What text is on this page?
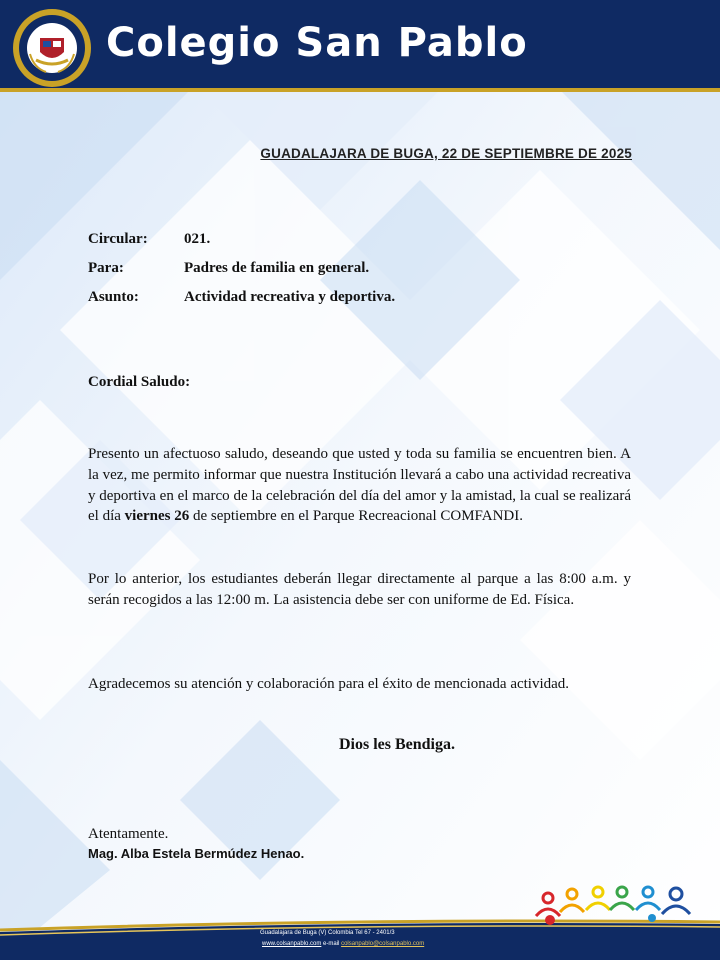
Colegio San Pablo
GUADALAJARA DE BUGA, 22 DE SEPTIEMBRE DE 2025
Circular: 021.
Para:	Padres de familia en general.
Asunto:	Actividad recreativa y deportiva.
Cordial Saludo:
Presento un afectuoso saludo, deseando que usted y toda su familia se encuentren bien. A la vez, me permito informar que nuestra Institución llevará a cabo una actividad recreativa y deportiva en el marco de la celebración del día del amor y la amistad, la cual se realizará el día viernes 26 de septiembre en el Parque Recreacional COMFANDI.
Por lo anterior, los estudiantes deberán llegar directamente al parque a las 8:00 a.m. y serán recogidos a las 12:00 m. La asistencia debe ser con uniforme de Ed. Física.
Agradecemos su atención y colaboración para el éxito de mencionada actividad.
Dios les Bendiga.
Atentamente.
Mag. Alba Estela Bermúdez Henao.
Guadalajara de Buga (V) Colombia Tel 67 - 2401/3
www.colsanpablo.com e-mail colsanpablo@colsanpablo.com
